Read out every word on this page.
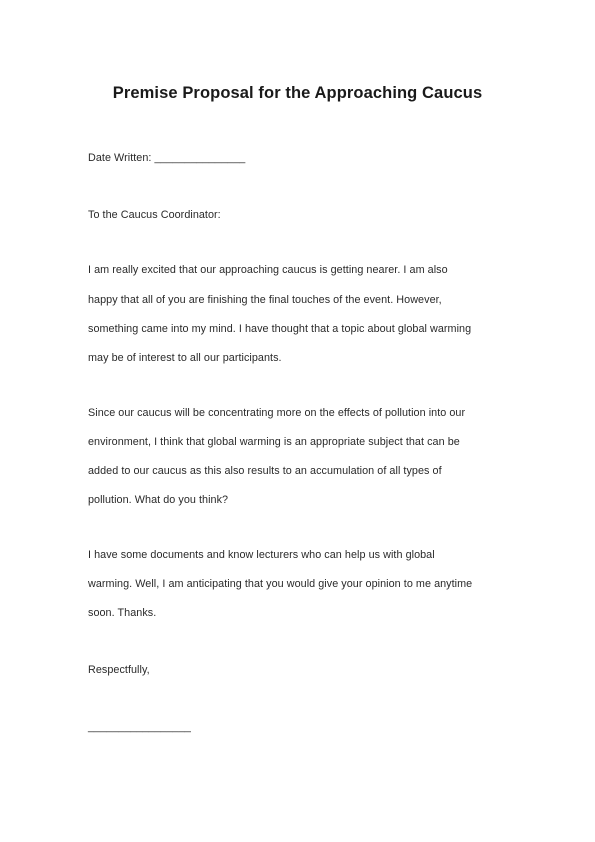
Premise Proposal for the Approaching Caucus

Date Written: _______________

To the Caucus Coordinator:

I am really excited that our approaching caucus is getting nearer. I am also

happy that all of you are finishing the final touches of the event. However,

something came into my mind. I have thought that a topic about global warming

may be of interest to all our participants.

Since our caucus will be concentrating more on the effects of pollution into our

environment, I think that global warming is an appropriate subject that can be

added to our caucus as this also results to an accumulation of all types of

pollution. What do you think?

I have some documents and know lecturers who can help us with global

warming. Well, I am anticipating that you would give your opinion to me anytime

soon. Thanks.

Respectfully,

_________________
